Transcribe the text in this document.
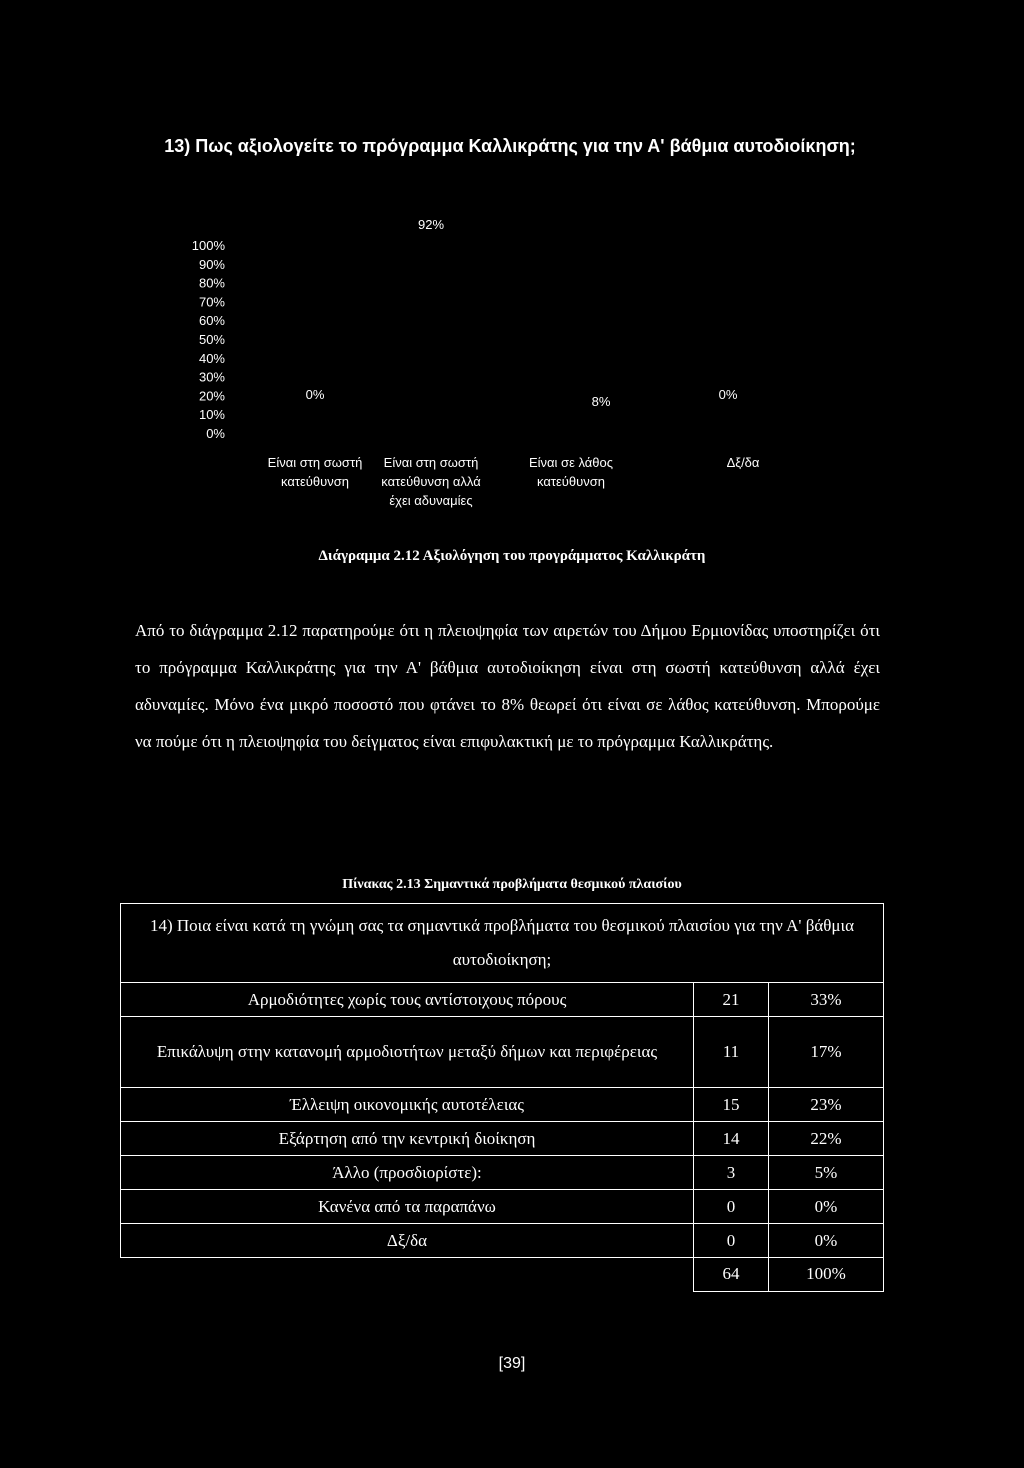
13) Πως αξιολογείτε το πρόγραμμα Καλλικράτης για την Α' βάθμια αυτοδιοίκηση;
100%
90%
80%
70%
60%
50%
40%
30%
20%
10%
0%
0%
92%
8%	0%
Είναι στη σωστή
κατεύθυνση
Είναι στη σωστή
κατεύθυνση αλλά
έχει αδυναμίες
Είναι σε λάθος
κατεύθυνση
Δξ/δα
Διάγραμμα 2.12 Αξιολόγηση του προγράμματος Καλλικράτη

Από το διάγραμμα 2.12 παρατηρούμε ότι η πλειοψηφία των αιρετών του Δήμου Ερμιονίδας υποστηρίζει ότι το πρόγραμμα Καλλικράτης για την Α' βάθμια αυτοδιοίκηση είναι στη σωστή κατεύθυνση αλλά έχει αδυναμίες. Μόνο ένα μικρό ποσοστό που φτάνει το 8% θεωρεί ότι είναι σε λάθος κατεύθυνση. Μπορούμε να πούμε ότι η πλειοψηφία του δείγματος είναι επιφυλακτική με το πρόγραμμα Καλλικράτης.

Πίνακας 2.13 Σημαντικά προβλήματα θεσμικού πλαισίου
14) Ποια είναι κατά τη γνώμη σας τα σημαντικά προβλήματα του θεσμικού πλαισίου για την Α' βάθμια αυτοδιοίκηση;		
Αρμοδιότητες χωρίς τους αντίστοιχους πόρους	21	33%
Επικάλυψη στην κατανομή αρμοδιοτήτων μεταξύ δήμων και περιφέρειας	11	17%
Έλλειψη οικονομικής αυτοτέλειας	15	23%
Εξάρτηση από την κεντρική διοίκηση	14	22%
Άλλο (προσδιορίστε):	3	5%
Κανένα από τα παραπάνω	0	0%
Δξ/δα	0	0%
	64	100%
[39]
